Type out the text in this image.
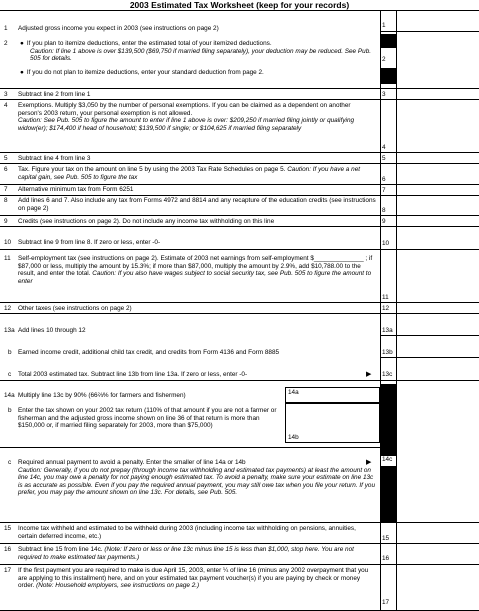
2003 Estimated Tax Worksheet (keep for your records)
1 Adjusted gross income you expect in 2003 (see instructions on page 2)	1
2 ● If you plan to itemize deductions, enter the estimated total of your itemized deductions.
Caution: If line 1 above is over $139,500 ($69,750 if married filing separately), your deduction may be reduced. See Pub. 505 for details.
● If you do not plan to itemize deductions, enter your standard deduction from page 2.
2
3 Subtract line 2 from line 1	3
4 Exemptions. Multiply $3,050 by the number of personal exemptions. If you can be claimed as a dependent on another person's 2003 return, your personal exemption is not allowed.
Caution: See Pub. 505 to figure the amount to enter if line 1 above is over: $209,250 if married filing jointly or qualifying widow(er); $174,400 if head of household; $139,500 if single; or $104,625 if married filing separately
4
5 Subtract line 4 from line 3	5
6 Tax. Figure your tax on the amount on line 5 by using the 2003 Tax Rate Schedules on page 5. Caution: If you have a net capital gain, see Pub. 505 to figure the tax	6
7 Alternative minimum tax from Form 6251	7
8 Add lines 6 and 7. Also include any tax from Forms 4972 and 8814 and any recapture of the education credits (see instructions on page 2)	8
9 Credits (see instructions on page 2). Do not include any income tax withholding on this line	9
10 Subtract line 9 from line 8. If zero or less, enter -0-	10
11 Self-employment tax (see instructions on page 2). Estimate of 2003 net earnings from self-employment $______________ ; if $87,000 or less, multiply the amount by 15.3%; if more than $87,000, multiply the amount by 2.9%, add $10,788.00 to the result, and enter the total. Caution: If you also have wages subject to social security tax, see Pub. 505 to figure the amount to enter
11
12 Other taxes (see instructions on page 2)	12
13a Add lines 10 through 12	13a
b Earned income credit, additional child tax credit, and credits from Form 4136 and Form 8885	13b
c Total 2003 estimated tax. Subtract line 13b from line 13a. If zero or less, enter -0-	▶ 13c
14a Multiply line 13c by 90% (66⅔% for farmers and fishermen)	14a
b Enter the tax shown on your 2002 tax return (110% of that amount if you are not a farmer or fisherman and the adjusted gross income shown on line 36 of that return is more than $150,000 or, if married filing separately for 2003, more than $75,000)
14b
c Required annual payment to avoid a penalty. Enter the smaller of line 14a or 14b
Caution: Generally, if you do not prepay (through income tax withholding and estimated tax payments) at least the amount on line 14c, you may owe a penalty for not paying enough estimated tax. To avoid a penalty, make sure your estimate on line 13c is as accurate as possible. Even if you pay the required annual payment, you may still owe tax when you file your return. If you prefer, you may pay the amount shown on line 13c. For details, see Pub. 505.
▶ 14c
15 Income tax withheld and estimated to be withheld during 2003 (including income tax withholding on pensions, annuities, certain deferred income, etc.)	15
16 Subtract line 15 from line 14c. (Note: If zero or less or line 13c minus line 15 is less than $1,000, stop here. You are not required to make estimated tax payments.)	16
17 If the first payment you are required to make is due April 15, 2003, enter ¼ of line 16 (minus any 2002 overpayment that you are applying to this installment) here, and on your estimated tax payment voucher(s) if you are paying by check or money order. (Note: Household employers, see instructions on page 2.)
17
